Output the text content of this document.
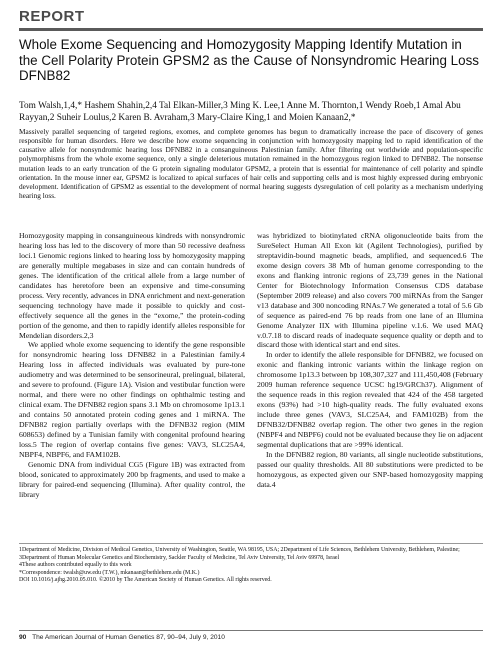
REPORT
Whole Exome Sequencing and Homozygosity Mapping Identify Mutation in the Cell Polarity Protein GPSM2 as the Cause of Nonsyndromic Hearing Loss DFNB82
Tom Walsh,1,4,* Hashem Shahin,2,4 Tal Elkan-Miller,3 Ming K. Lee,1 Anne M. Thornton,1 Wendy Roeb,1 Amal Abu Rayyan,2 Suheir Loulus,2 Karen B. Avraham,3 Mary-Claire King,1 and Moien Kanaan2,*
Massively parallel sequencing of targeted regions, exomes, and complete genomes has begun to dramatically increase the pace of discovery of genes responsible for human disorders. Here we describe how exome sequencing in conjunction with homozygosity mapping led to rapid identification of the causative allele for nonsyndromic hearing loss DFNB82 in a consanguineous Palestinian family. After filtering out worldwide and population-specific polymorphisms from the whole exome sequence, only a single deleterious mutation remained in the homozygous region linked to DFNB82. The nonsense mutation leads to an early truncation of the G protein signaling modulator GPSM2, a protein that is essential for maintenance of cell polarity and spindle orientation. In the mouse inner ear, GPSM2 is localized to apical surfaces of hair cells and supporting cells and is most highly expressed during embryonic development. Identification of GPSM2 as essential to the development of normal hearing suggests dysregulation of cell polarity as a mechanism underlying hearing loss.

Homozygosity mapping in consanguineous kindreds with nonsyndromic hearing loss has led to the discovery of more than 50 recessive deafness loci.1 Genomic regions linked to hearing loss by homozygosity mapping are generally multiple megabases in size and can contain hundreds of genes. The identification of the critical allele from a large number of candidates has heretofore been an expensive and time-consuming process. Very recently, advances in DNA enrichment and next-generation sequencing technology have made it possible to quickly and cost-effectively sequence all the genes in the “exome,” the protein-coding portion of the genome, and then to rapidly identify alleles responsible for Mendelian disorders.2,3

We applied whole exome sequencing to identify the gene responsible for nonsyndromic hearing loss DFNB82 in a Palestinian family.4 Hearing loss in affected individuals was evaluated by pure-tone audiometry and was determined to be sensorineural, prelingual, bilateral, and severe to profound. (Figure 1A). Vision and vestibular function were normal, and there were no other findings on ophthalmic testing and clinical exam. The DFNB82 region spans 3.1 Mb on chromosome 1p13.1 and contains 50 annotated protein coding genes and 1 miRNA. The DFNB82 region partially overlaps with the DFNB32 region (MIM 608653) defined by a Tunisian family with congenital profound hearing loss.5 The region of overlap contains five genes: VAV3, SLC25A4, NBPF4, NBPF6, and FAM102B.

Genomic DNA from individual CG5 (Figure 1B) was extracted from blood, sonicated to approximately 200 bp fragments, and used to make a library for paired-end sequencing (Illumina). After quality control, the library

was hybridized to biotinylated cRNA oligonucleotide baits from the SureSelect Human All Exon kit (Agilent Technologies), purified by streptavidin-bound magnetic beads, amplified, and sequenced.6 The exome design covers 38 Mb of human genome corresponding to the exons and flanking intronic regions of 23,739 genes in the National Center for Biotechnology Information Consensus CDS database (September 2009 release) and also covers 700 miRNAs from the Sanger v13 database and 300 noncoding RNAs.7 We generated a total of 5.6 Gb of sequence as paired-end 76 bp reads from one lane of an Illumina Genome Analyzer IIX with Illumina pipeline v.1.6. We used MAQ v.0.7.18 to discard reads of inadequate sequence quality or depth and to discard those with identical start and end sites.

In order to identify the allele responsible for DFNB82, we focused on exonic and flanking intronic variants within the linkage region on chromosome 1p13.3 between bp 108,307,327 and 111,450,408 (February 2009 human reference sequence UCSC hg19/GRCh37). Alignment of the sequence reads in this region revealed that 424 of the 458 targeted exons (93%) had >10 high-quality reads. The fully evaluated exons include three genes (VAV3, SLC25A4, and FAM102B) from the DFNB32/DFNB82 overlap region. The other two genes in the region (NBPF4 and NBPF6) could not be evaluated because they lie on adjacent segmental duplications that are >99% identical.

In the DFNB82 region, 80 variants, all single nucleotide substitutions, passed our quality thresholds. All 80 substitutions were predicted to be homozygous, as expected given our SNP-based homozygosity mapping data.4

1Department of Medicine, Division of Medical Genetics, University of Washington, Seattle, WA 98195, USA; 2Department of Life Sciences, Bethlehem University, Bethlehem, Palestine; 3Department of Human Molecular Genetics and Biochemistry, Sackler Faculty of Medicine, Tel Aviv University, Tel Aviv 69978, Israel
4These authors contributed equally to this work
*Correspondence: twalsh@uw.edu (T.W.), mkanaan@bethlehem.edu (M.K.)
DOI 10.1016/j.ajhg.2010.05.010. ©2010 by The American Society of Human Genetics. All rights reserved.
90 The American Journal of Human Genetics 87, 90–94, July 9, 2010
